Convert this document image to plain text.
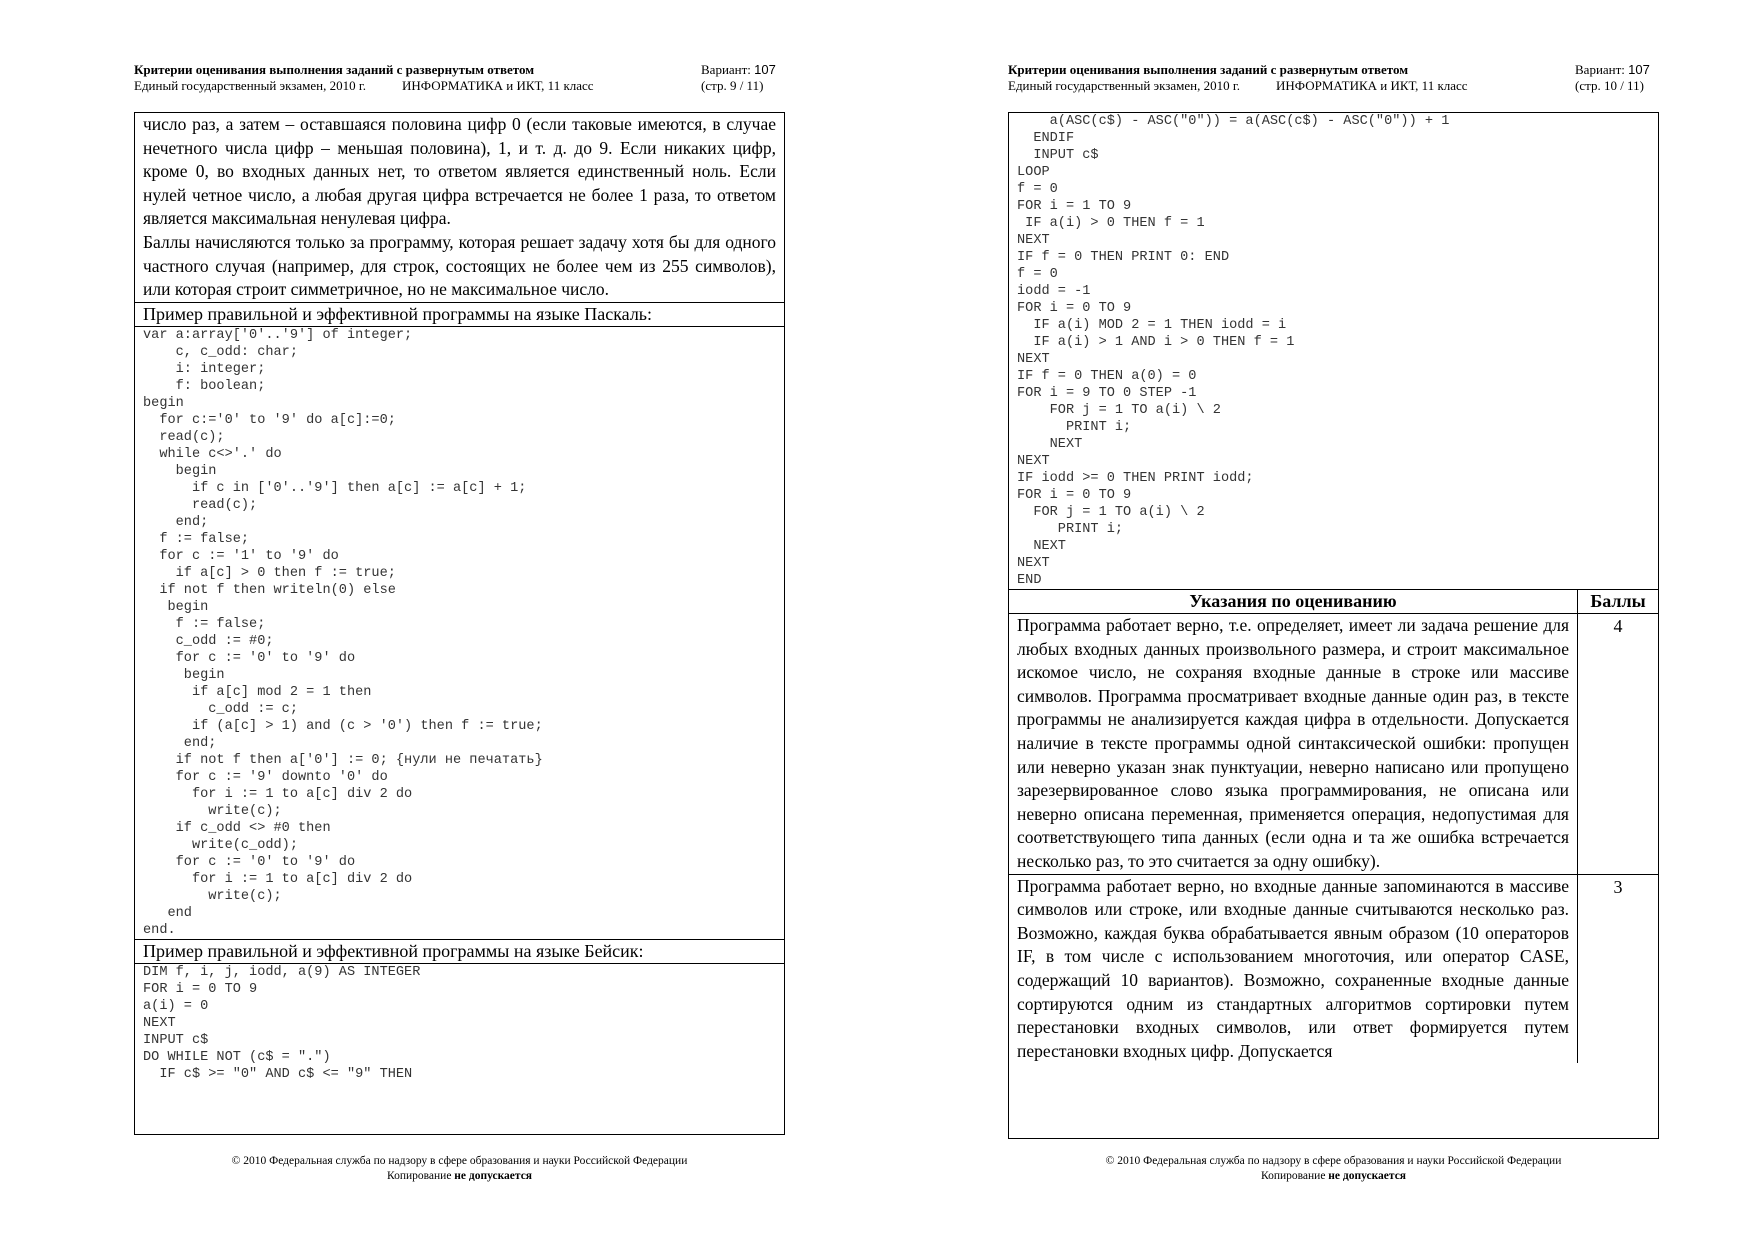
Критерии оценивания выполнения заданий с развернутым ответом
Единый государственный экзамен, 2010 г.	ИНФОРМАТИКА и ИКТ, 11 класс
Вариант: 107
(стр. 9 / 11)

число раз, а затем – оставшаяся половина цифр 0 (если таковые имеются, в случае нечетного числа цифр – меньшая половина), 1, и т. д. до 9. Если никаких цифр, кроме 0, во входных данных нет, то ответом является единственный ноль. Если нулей четное число, а любая другая цифра встречается не более 1 раза, то ответом является максимальная ненулевая цифра.

Баллы начисляются только за программу, которая решает задачу хотя бы для одного частного случая (например, для строк, состоящих не более чем из 255 символов), или которая строит симметричное, но не максимальное число.

Пример правильной и эффективной программы на языке Паскаль:
var a:array['0'..'9'] of integer;
c, c_odd: char;
i: integer;
f: boolean;
begin
for c:='0' to '9' do a[c]:=0;
read(c);
while c<>'.' do
begin
if c in ['0'..'9'] then a[c] := a[c] + 1;
read(c);
end;
f := false;
for c := '1' to '9' do
if a[c] > 0 then f := true;
if not f then writeln(0) else
begin
f := false;
c_odd := #0;
for c := '0' to '9' do
begin
if a[c] mod 2 = 1 then
c_odd := c;
if (a[c] > 1) and (c > '0') then f := true;
end;
if not f then a['0'] := 0; {нули не печатать}
for c := '9' downto '0' do
for i := 1 to a[c] div 2 do
write(c);
if c_odd <> #0 then
write(c_odd);
for c := '0' to '9' do
for i := 1 to a[c] div 2 do
write(c);
end
end.
Пример правильной и эффективной программы на языке Бейсик:
DIM f, i, j, iodd, a(9) AS INTEGER
FOR i = 0 TO 9
a(i) = 0
NEXT
INPUT c$
DO WHILE NOT (c$ = ".")
IF c$ >= "0" AND c$ <= "9" THEN
© 2010 Федеральная служба по надзору в сфере образования и науки Российской Федерации
Копирование не допускается
Критерии оценивания выполнения заданий с развернутым ответом
Единый государственный экзамен, 2010 г.	ИНФОРМАТИКА и ИКТ, 11 класс
Вариант: 107
(стр. 10 / 11)
a(ASC(c$) - ASC("0")) = a(ASC(c$) - ASC("0")) + 1
ENDIF
INPUT c$
LOOP
f = 0
FOR i = 1 TO 9
IF a(i) > 0 THEN f = 1
NEXT
IF f = 0 THEN PRINT 0: END
f = 0
iodd = -1
FOR i = 0 TO 9
IF a(i) MOD 2 = 1 THEN iodd = i
IF a(i) > 1 AND i > 0 THEN f = 1
NEXT
IF f = 0 THEN a(0) = 0
FOR i = 9 TO 0 STEP -1
FOR j = 1 TO a(i) \ 2
PRINT i;
NEXT
NEXT
IF iodd >= 0 THEN PRINT iodd;
FOR i = 0 TO 9
FOR j = 1 TO a(i) \ 2
PRINT i;
NEXT
NEXT
END
Указания по оцениванию	Баллы
Программа работает верно, т.е. определяет, имеет ли задача решение для любых входных данных произвольного размера, и строит максимальное искомое число, не сохраняя входные данные в строке или массиве символов. Программа просматривает входные данные один раз, в тексте программы не анализируется каждая цифра в отдельности. Допускается наличие в тексте программы одной синтаксической ошибки: пропущен или неверно указан знак пунктуации, неверно написано или пропущено зарезервированное слово языка программирования, не описана или неверно описана переменная, применяется операция, недопустимая для соответствующего типа данных (если одна и та же ошибка встречается несколько раз, то это считается за одну ошибку).	4
Программа работает верно, но входные данные запоминаются в массиве символов или строке, или входные данные считываются несколько раз. Возможно, каждая буква обрабатывается явным образом (10 операторов IF, в том числе с использованием многоточия, или оператор CASE, содержащий 10 вариантов). Возможно, сохраненные входные данные сортируются одним из стандартных алгоритмов сортировки путем перестановки входных символов, или ответ формируется путем перестановки входных цифр. Допускается	3
© 2010 Федеральная служба по надзору в сфере образования и науки Российской Федерации
Копирование не допускается
